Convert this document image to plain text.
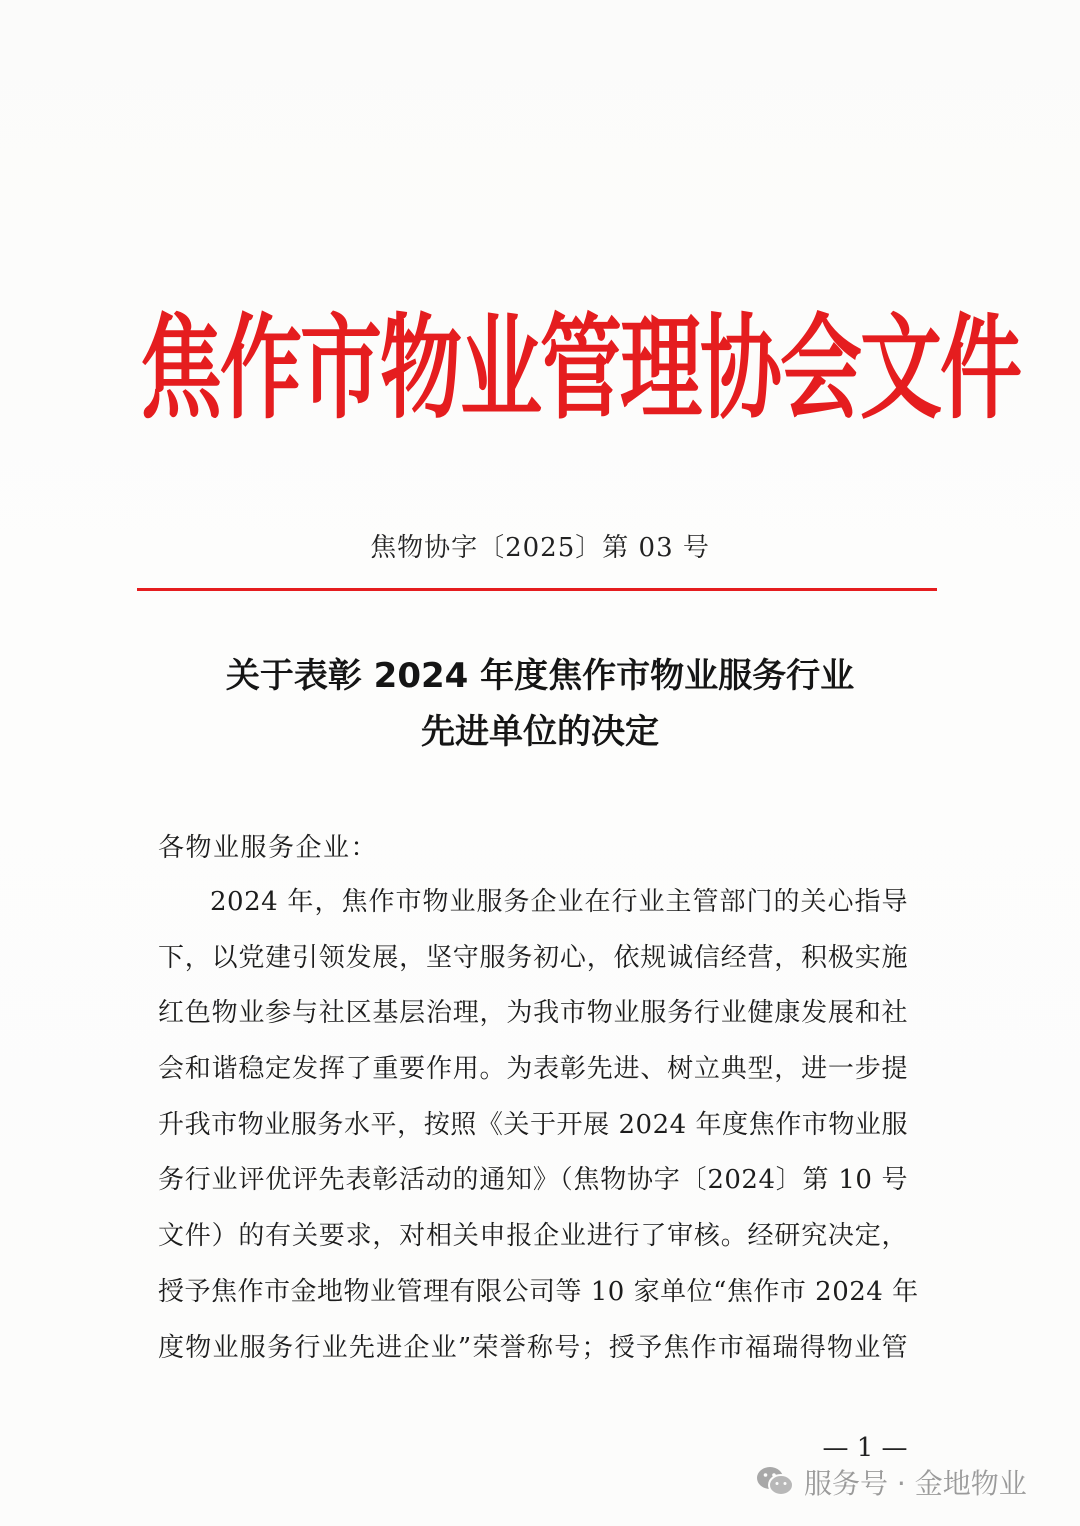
焦作市物业管理协会文件
焦物协字〔2025〕第 03 号
关于表彰 2024 年度焦作市物业服务行业
先进单位的决定
各物业服务企业：
2024 年，焦作市物业服务企业在行业主管部门的关心指导
下，以党建引领发展，坚守服务初心，依规诚信经营，积极实施
红色物业参与社区基层治理，为我市物业服务行业健康发展和社
会和谐稳定发挥了重要作用。为表彰先进、树立典型，进一步提
升我市物业服务水平，按照《关于开展 2024 年度焦作市物业服
务行业评优评先表彰活动的通知》（焦物协字〔2024〕第 10 号
文件）的有关要求，对相关申报企业进行了审核。经研究决定，
授予焦作市金地物业管理有限公司等 10 家单位“焦作市 2024 年
度物业服务行业先进企业”荣誉称号；授予焦作市福瑞得物业管
— 1 —
服务号 · 金地物业
